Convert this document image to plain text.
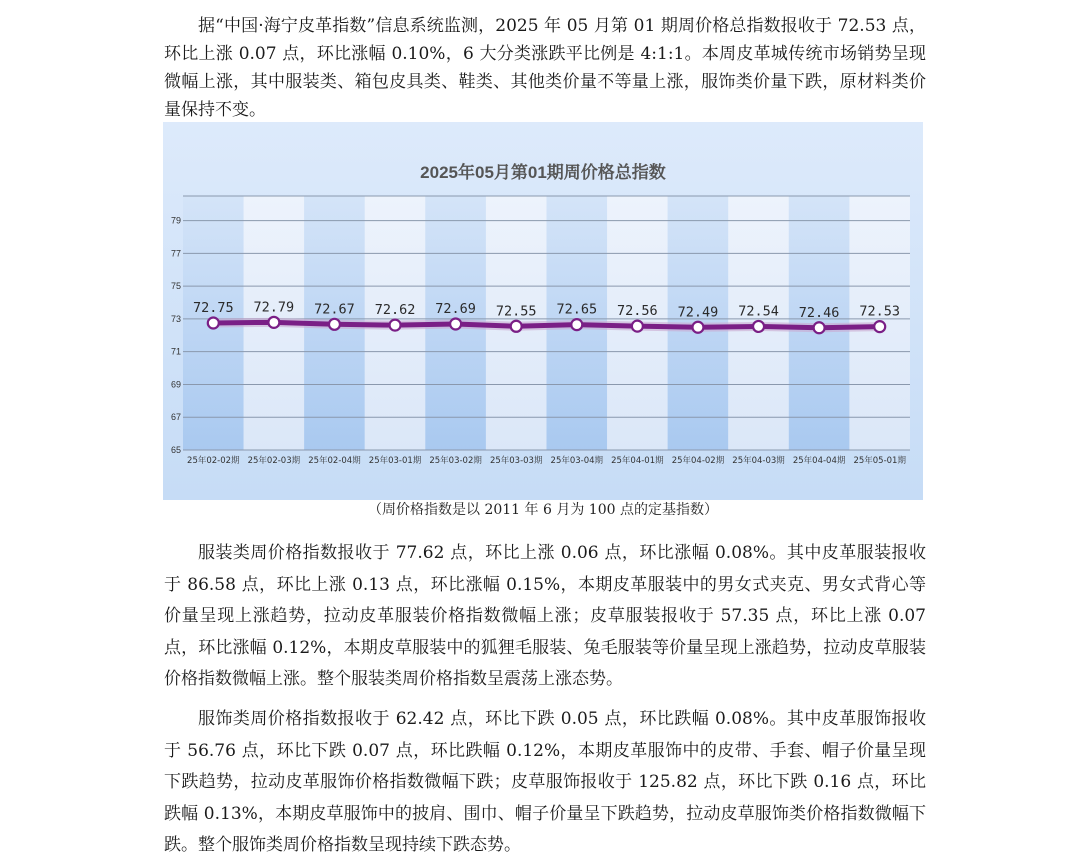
据“中国·海宁皮革指数”信息系统监测，2025 年 05 月第 01 期周价格总指数报收于 72.53 点，环比上涨 0.07 点，环比涨幅 0.10%，6 大分类涨跌平比例是 4:1:1。本周皮革城传统市场销势呈现微幅上涨，其中服装类、箱包皮具类、鞋类、其他类价量不等量上涨，服饰类价量下跌，原材料类价量保持不变。

2025年05月第01期周价格总指数
65
67
69
71
73
75
77
79
25年02-02期 25年02-03期 25年02-04期 25年03-01期 25年03-02期 25年03-03期 25年03-04期 25年04-01期 25年04-02期 25年04-03期 25年04-04期 25年05-01期
72.75 72.79 72.67 72.62 72.69 72.55 72.65 72.56 72.49 72.54 72.46 72.53
（周价格指数是以 2011 年 6 月为 100 点的定基指数）

服装类周价格指数报收于 77.62 点，环比上涨 0.06 点，环比涨幅 0.08%。其中皮革服装报收于 86.58 点，环比上涨 0.13 点，环比涨幅 0.15%，本期皮革服装中的男女式夹克、男女式背心等价量呈现上涨趋势，拉动皮革服装价格指数微幅上涨；皮草服装报收于 57.35 点，环比上涨 0.07 点，环比涨幅 0.12%，本期皮草服装中的狐狸毛服装、兔毛服装等价量呈现上涨趋势，拉动皮草服装价格指数微幅上涨。整个服装类周价格指数呈震荡上涨态势。

服饰类周价格指数报收于 62.42 点，环比下跌 0.05 点，环比跌幅 0.08%。其中皮革服饰报收于 56.76 点，环比下跌 0.07 点，环比跌幅 0.12%，本期皮革服饰中的皮带、手套、帽子价量呈现下跌趋势，拉动皮革服饰价格指数微幅下跌；皮草服饰报收于 125.82 点，环比下跌 0.16 点，环比跌幅 0.13%，本期皮草服饰中的披肩、围巾、帽子价量呈下跌趋势，拉动皮草服饰类价格指数微幅下跌。整个服饰类周价格指数呈现持续下跌态势。
